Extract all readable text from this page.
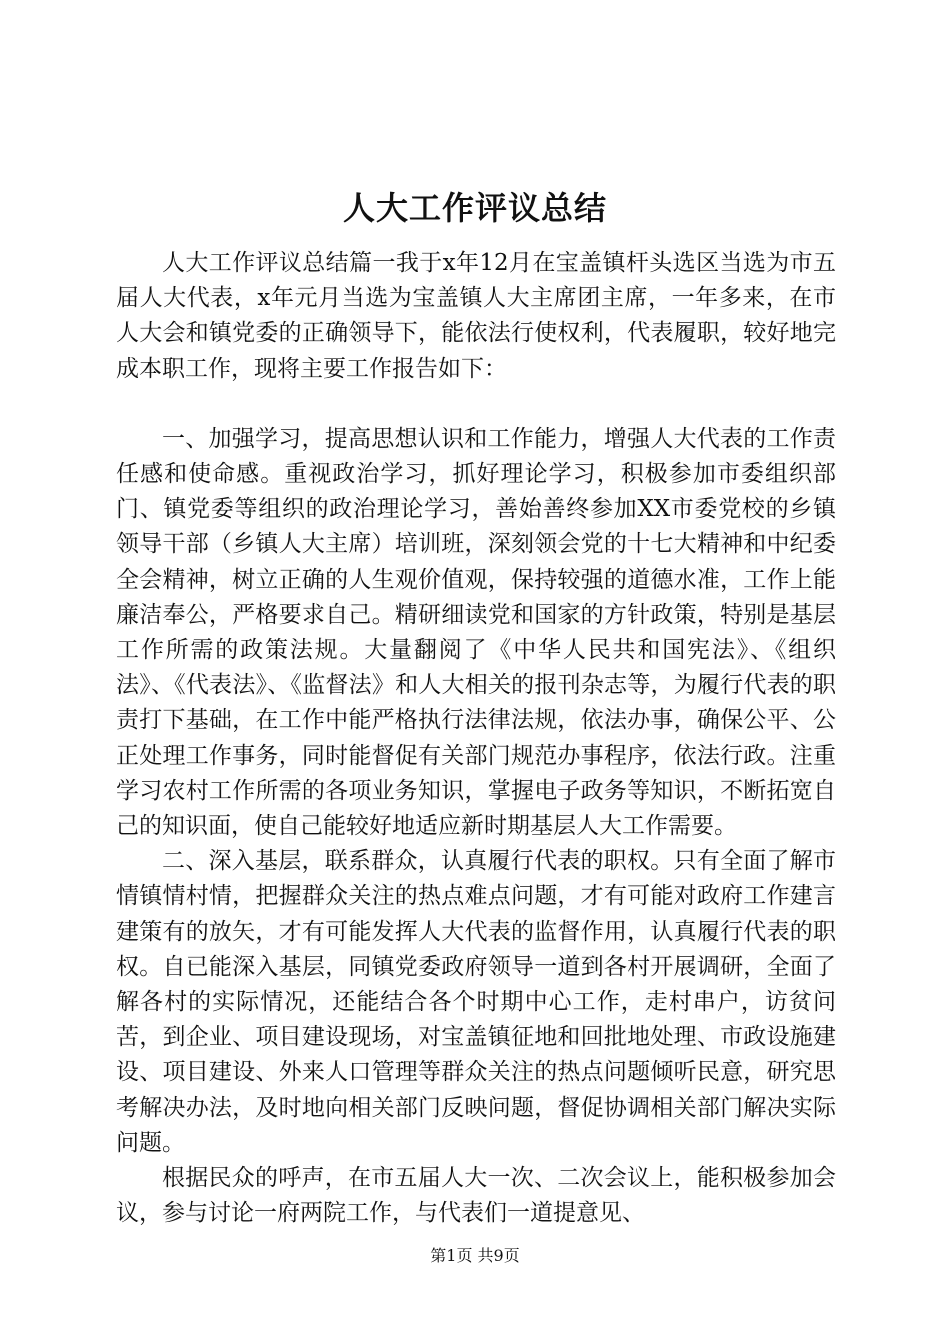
人大工作评议总结

人大工作评议总结篇一我于x年12月在宝盖镇杆头选区当选为市五届人大代表，x年元月当选为宝盖镇人大主席团主席，一年多来，在市人大会和镇党委的正确领导下，能依法行使权利，代表履职，较好地完成本职工作，现将主要工作报告如下：

一、加强学习，提高思想认识和工作能力，增强人大代表的工作责任感和使命感。重视政治学习，抓好理论学习，积极参加市委组织部门、镇党委等组织的政治理论学习，善始善终参加XX市委党校的乡镇领导干部（乡镇人大主席）培训班，深刻领会党的十七大精神和中纪委全会精神，树立正确的人生观价值观，保持较强的道德水准，工作上能廉洁奉公，严格要求自己。精研细读党和国家的方针政策，特别是基层工作所需的政策法规。大量翻阅了《中华人民共和国宪法》、《组织法》、《代表法》、《监督法》和人大相关的报刊杂志等，为履行代表的职责打下基础，在工作中能严格执行法律法规，依法办事，确保公平、公正处理工作事务，同时能督促有关部门规范办事程序，依法行政。注重学习农村工作所需的各项业务知识，掌握电子政务等知识，不断拓宽自己的知识面，使自己能较好地适应新时期基层人大工作需要。

二、深入基层，联系群众，认真履行代表的职权。只有全面了解市情镇情村情，把握群众关注的热点难点问题，才有可能对政府工作建言建策有的放矢，才有可能发挥人大代表的监督作用，认真履行代表的职权。自已能深入基层，同镇党委政府领导一道到各村开展调研，全面了解各村的实际情况，还能结合各个时期中心工作，走村串户，访贫问苦，到企业、项目建设现场，对宝盖镇征地和回批地处理、市政设施建设、项目建设、外来人口管理等群众关注的热点问题倾听民意，研究思考解决办法，及时地向相关部门反映问题，督促协调相关部门解决实际问题。

根据民众的呼声，在市五届人大一次、二次会议上，能积极参加会议，参与讨论一府两院工作，与代表们一道提意见、

第1页 共9页
